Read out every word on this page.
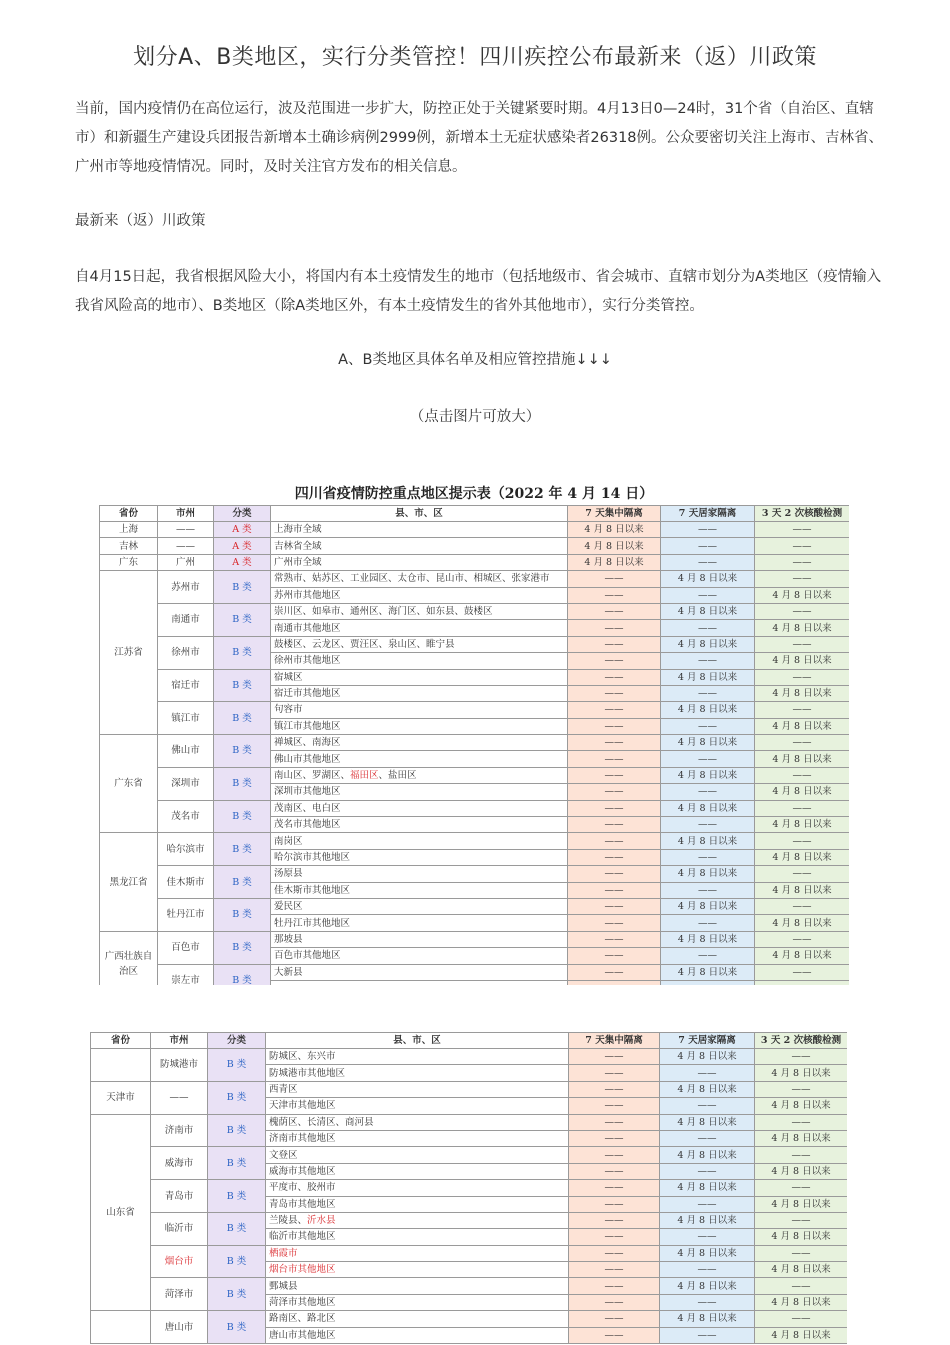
划分A、B类地区，实行分类管控！四川疾控公布最新来（返）川政策
当前，国内疫情仍在高位运行，波及范围进一步扩大，防控正处于关键紧要时期。4月13日0—24时，31个省（自治区、直辖市）和新疆生产建设兵团报告新增本土确诊病例2999例，新增本土无症状感染者26318例。公众要密切关注上海市、吉林省、广州市等地疫情情况。同时，及时关注官方发布的相关信息。
最新来（返）川政策
自4月15日起，我省根据风险大小，将国内有本土疫情发生的地市（包括地级市、省会城市、直辖市划分为A类地区（疫情输入我省风险高的地市）、B类地区（除A类地区外，有本土疫情发生的省外其他地市），实行分类管控。
A、B类地区具体名单及相应管控措施↓↓↓
（点击图片可放大）
四川省疫情防控重点地区提示表（2022 年 4 月 14 日）
省份	市州	分类	县、市、区	7 天集中隔离	7 天居家隔离	3 天 2 次核酸检测
上海	——	A 类	上海市全域	4 月 8 日以来	——	——
吉林	——	A 类	吉林省全域	4 月 8 日以来	——	——
广东	广州	A 类	广州市全域	4 月 8 日以来	——	——
江苏省	苏州市	B 类	常熟市、姑苏区、工业园区、太仓市、昆山市、相城区、张家港市	——	4 月 8 日以来	——
			苏州市其他地区	——	——	4 月 8 日以来
	南通市	B 类	崇川区、如皋市、通州区、海门区、如东县、鼓楼区	——	4 月 8 日以来	——
			南通市其他地区	——	——	4 月 8 日以来
	徐州市	B 类	鼓楼区、云龙区、贾汪区、泉山区、睢宁县	——	4 月 8 日以来	——
			徐州市其他地区	——	——	4 月 8 日以来
	宿迁市	B 类	宿城区	——	4 月 8 日以来	——
			宿迁市其他地区	——	——	4 月 8 日以来
	镇江市	B 类	句容市	——	4 月 8 日以来	——
			镇江市其他地区	——	——	4 月 8 日以来
广东省	佛山市	B 类	禅城区、南海区	——	4 月 8 日以来	——
			佛山市其他地区	——	——	4 月 8 日以来
	深圳市	B 类	南山区、罗湖区、福田区、盐田区	——	4 月 8 日以来	——
			深圳市其他地区	——	——	4 月 8 日以来
	茂名市	B 类	茂南区、电白区	——	4 月 8 日以来	——
			茂名市其他地区	——	——	4 月 8 日以来
黑龙江省	哈尔滨市	B 类	南岗区	——	4 月 8 日以来	——
			哈尔滨市其他地区	——	——	4 月 8 日以来
	佳木斯市	B 类	汤原县	——	4 月 8 日以来	——
			佳木斯市其他地区	——	——	4 月 8 日以来
	牡丹江市	B 类	爱民区	——	4 月 8 日以来	——
			牡丹江市其他地区	——	——	4 月 8 日以来
广西壮族自治区	百色市	B 类	那坡县	——	4 月 8 日以来	——
			百色市其他地区	——	——	4 月 8 日以来
	崇左市	B 类	大新县	——	4 月 8 日以来	——

省份	市州	分类	县、市、区	7 天集中隔离	7 天居家隔离	3 天 2 次核酸检测
	防城港市	B 类	防城区、东兴市	——	4 月 8 日以来	——
			防城港市其他地区	——	——	4 月 8 日以来
天津市	——	B 类	西青区	——	4 月 8 日以来	——
			天津市其他地区	——	——	4 月 8 日以来
山东省	济南市	B 类	槐荫区、长清区、商河县	——	4 月 8 日以来	——
			济南市其他地区	——	——	4 月 8 日以来
	威海市	B 类	文登区	——	4 月 8 日以来	——
			威海市其他地区	——	——	4 月 8 日以来
	青岛市	B 类	平度市、胶州市	——	4 月 8 日以来	——
			青岛市其他地区	——	——	4 月 8 日以来
	临沂市	B 类	兰陵县、沂水县	——	4 月 8 日以来	——
			临沂市其他地区	——	——	4 月 8 日以来
	烟台市	B 类	栖霞市	——	4 月 8 日以来	——
			烟台市其他地区	——	——	4 月 8 日以来
	菏泽市	B 类	鄄城县	——	4 月 8 日以来	——
			菏泽市其他地区	——	——	4 月 8 日以来
	唐山市	B 类	路南区、路北区	——	4 月 8 日以来	——
			唐山市其他地区	——	——	4 月 8 日以来
